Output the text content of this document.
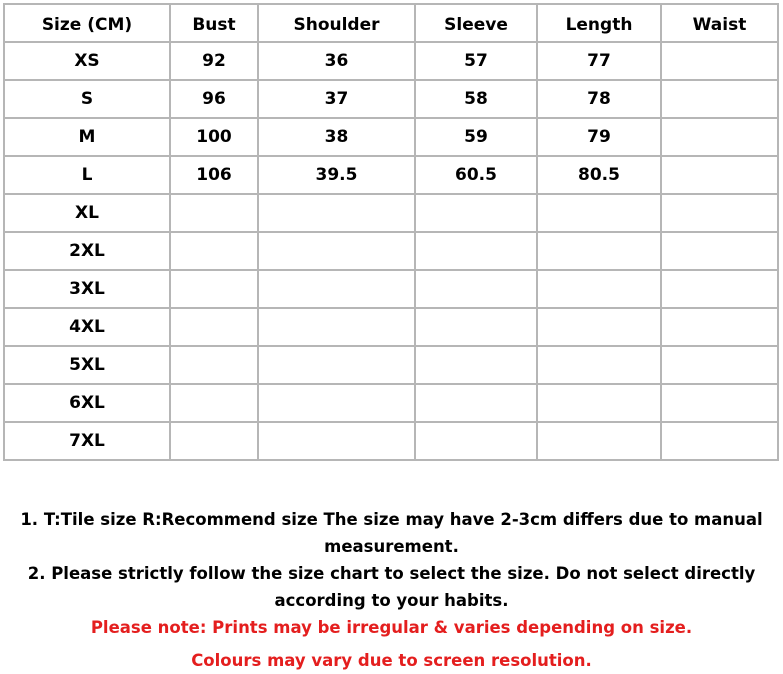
Size (CM)	Bust	Shoulder	Sleeve	Length	Waist
XS	92	36	57	77	
S	96	37	58	78	
M	100	38	59	79	
L	106	39.5	60.5	80.5	
XL					
2XL					
3XL					
4XL					
5XL					
6XL					
7XL					
1. T:Tile size R:Recommend size The size may have 2-3cm differs due to manual measurement.
2. Please strictly follow the size chart to select the size. Do not select directly according to your habits.
Please note: Prints may be irregular & varies depending on size.
Colours may vary due to screen resolution.
